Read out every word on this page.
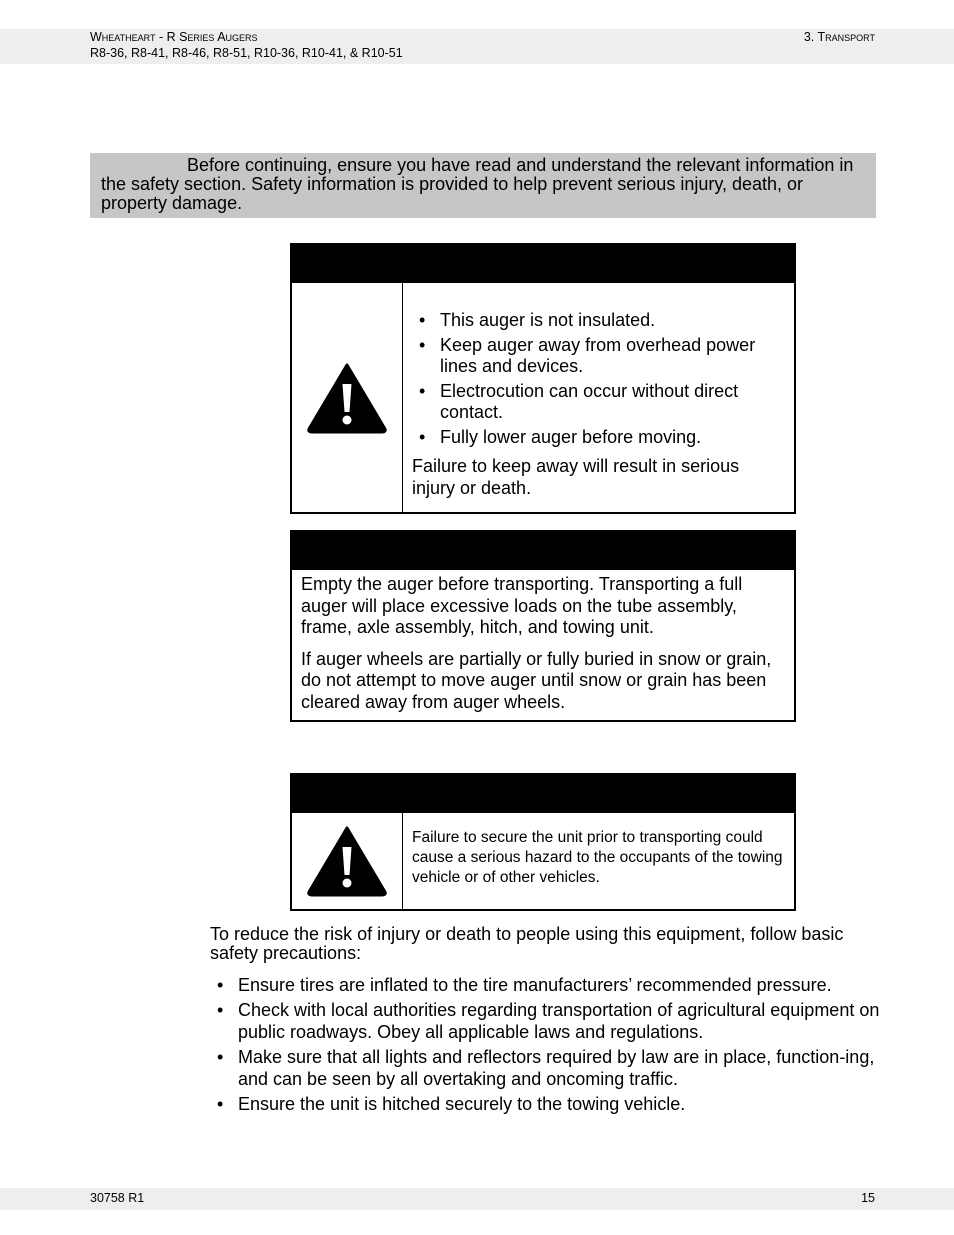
Wheatheart - R Series Augers
R8-36, R8-41, R8-46, R8-51, R10-36, R10-41, & R10-51
3. Transport
Before continuing, ensure you have read and understand the relevant information in the safety section. Safety information is provided to help prevent serious injury, death, or property damage.
• This auger is not insulated.
• Keep auger away from overhead power lines and devices.
• Electrocution can occur without direct contact.
• Fully lower auger before moving.

Failure to keep away will result in serious injury or death.

Empty the auger before transporting. Transporting a full auger will place excessive loads on the tube assembly, frame, axle assembly, hitch, and towing unit.

If auger wheels are partially or fully buried in snow or grain, do not attempt to move auger until snow or grain has been cleared away from auger wheels.

Failure to secure the unit prior to transporting could cause a serious hazard to the occupants of the towing vehicle or of other vehicles.
To reduce the risk of injury or death to people using this equipment, follow basic safety precautions:
• Ensure tires are inflated to the tire manufacturers’ recommended pressure.
• Check with local authorities regarding transportation of agricultural equipment on public roadways. Obey all applicable laws and regulations.
• Make sure that all lights and reflectors required by law are in place, function-ing, and can be seen by all overtaking and oncoming traffic.
• Ensure the unit is hitched securely to the towing vehicle.
30758 R1	15
